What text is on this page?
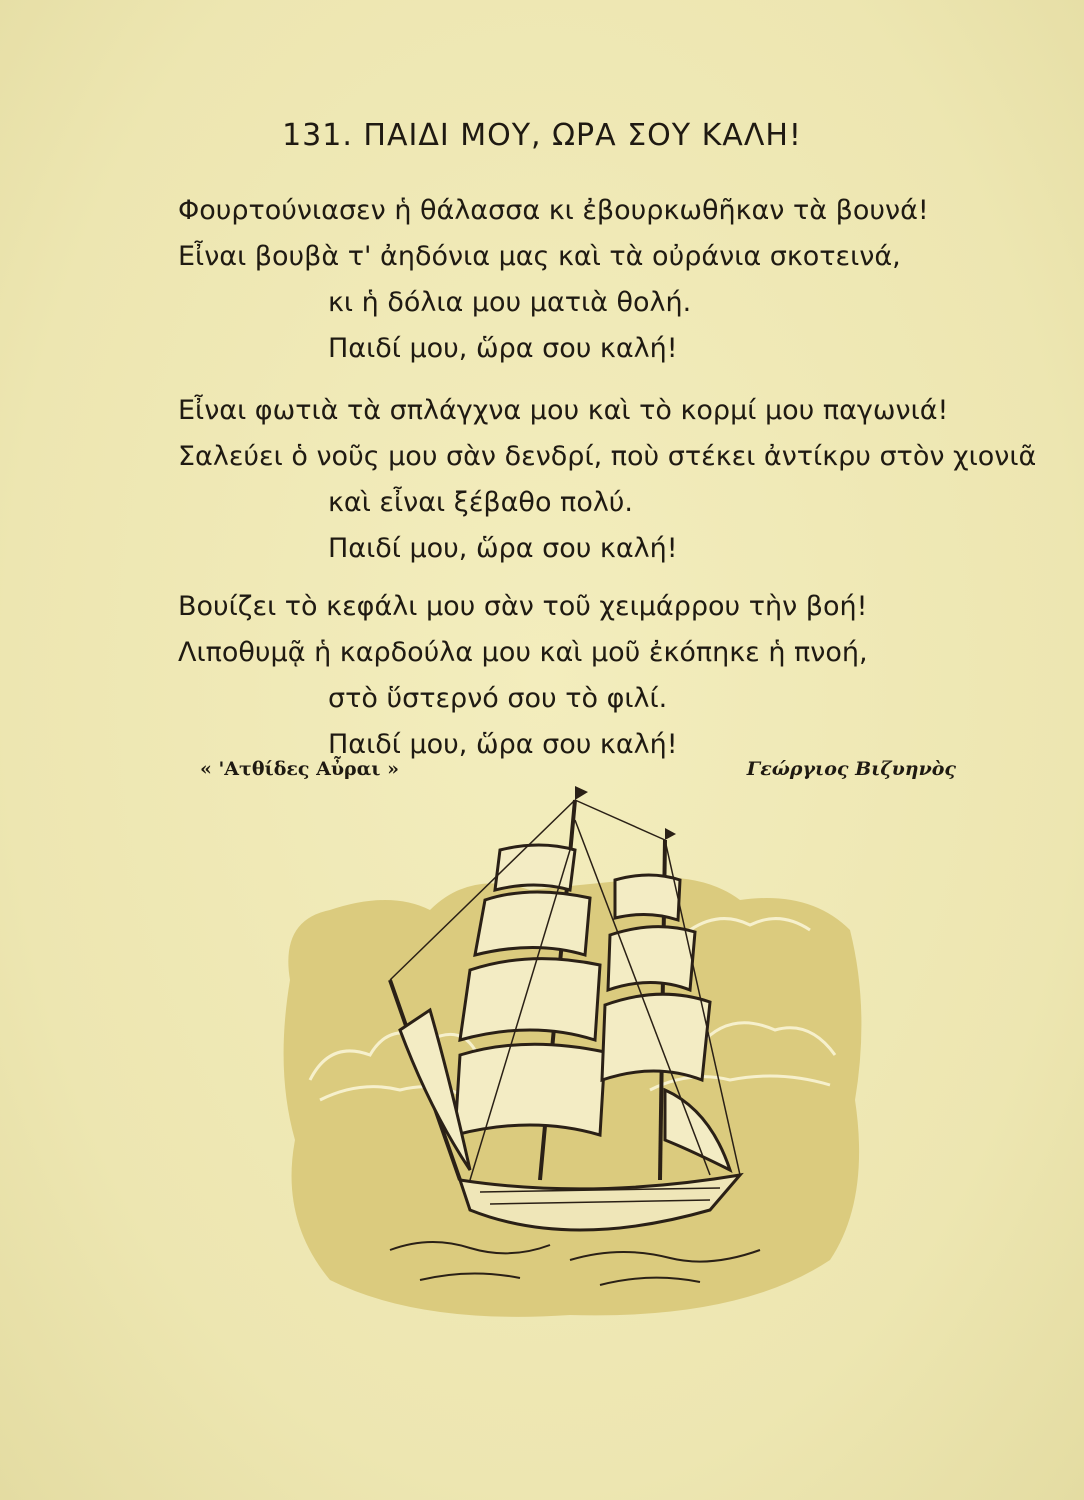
131. ΠΑΙΔΙ ΜΟΥ, ΩΡΑ ΣΟΥ ΚΑΛΗ!
Φουρτούνιασεν ἡ θάλασσα κι ἐβουρκωθῆκαν τὰ βουνά!
Εἶναι βουβὰ τ' ἀηδόνια μας καὶ τὰ οὐράνια σκοτεινά,
κι ἡ δόλια μου ματιὰ θολή.
Παιδί μου, ὥρα σου καλή!
Εἶναι φωτιὰ τὰ σπλάγχνα μου καὶ τὸ κορμί μου παγωνιά!
Σαλεύει ὁ νοῦς μου σὰν δενδρί, ποὺ στέκει ἀντίκρυ στὸν χιονιᾶ
καὶ εἶναι ξέβαθο πολύ.
Παιδί μου, ὥρα σου καλή!
Βουίζει τὸ κεφάλι μου σὰν τοῦ χειμάρρου τὴν βοή!
Λιποθυμᾷ ἡ καρδούλα μου καὶ μοῦ ἐκόπηκε ἡ πνοή,
στὸ ὕστερνό σου τὸ φιλί.
Παιδί μου, ὥρα σου καλή!
« 'Ατθίδες Αὖραι »	Γεώργιος Βιζυηνὸς
